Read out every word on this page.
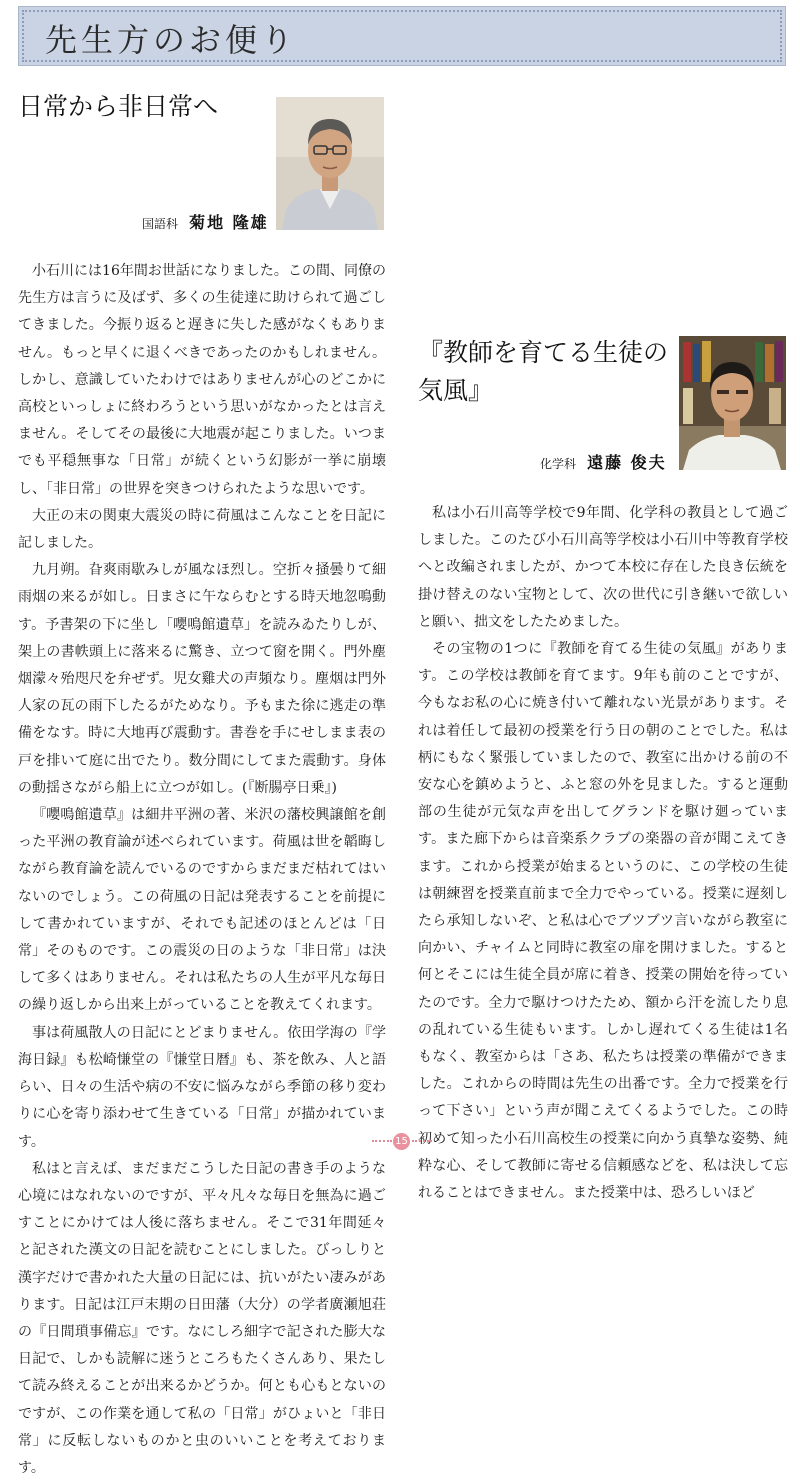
先生方のお便り
日常から非日常へ
国語科 菊地 隆雄

小石川には16年間お世話になりました。この間、同僚の先生方は言うに及ばず、多くの生徒達に助けられて過ごしてきました。今振り返ると遅きに失した感がなくもありません。もっと早くに退くべきであったのかもしれません。しかし、意識していたわけではありませんが心のどこかに高校といっしょに終わろうという思いがなかったとは言えません。そしてその最後に大地震が起こりました。いつまでも平穏無事な「日常」が続くという幻影が一挙に崩壊し、「非日常」の世界を突きつけられたような思いです。

大正の末の関東大震災の時に荷風はこんなことを日記に記しました。

九月朔。旮爽雨歇みしが風なほ烈し。空折々掻曇りて細雨烟の来るが如し。日まさに午ならむとする時天地忽鳴動す。予書架の下に坐し「嚶鳴館遺草」を読みゐたりしが、架上の書帙頭上に落来るに驚き、立つて窗を開く。門外塵烟濛々殆咫尺を弁ぜず。児女雞犬の声頻なり。塵烟は門外人家の瓦の雨下したるがためなり。予もまた徐に逃走の準備をなす。時に大地再び震動す。書巻を手にせしまま表の戸を排いて庭に出でたり。数分間にしてまた震動す。身体の動揺さながら船上に立つが如し。(『断腸亭日乗』)

『嚶鳴館遺草』は細井平洲の著、米沢の藩校興譲館を創った平洲の教育論が述べられています。荷風は世を韜晦しながら教育論を読んでいるのですからまだまだ枯れてはいないのでしょう。この荷風の日記は発表することを前提にして書かれていますが、それでも記述のほとんどは「日常」そのものです。この震災の日のような「非日常」は決して多くはありません。それは私たちの人生が平凡な毎日の繰り返しから出来上がっていることを教えてくれます。

事は荷風散人の日記にとどまりません。依田学海の『学海日録』も松崎慊堂の『慊堂日暦』も、茶を飲み、人と語らい、日々の生活や病の不安に悩みながら季節の移り変わりに心を寄り添わせて生きている「日常」が描かれています。

私はと言えば、まだまだこうした日記の書き手のような心境にはなれないのですが、平々凡々な毎日を無為に過ごすことにかけては人後に落ちません。そこで31年間延々と記された漢文の日記を読むことにしました。びっしりと漢字だけで書かれた大量の日記には、抗いがたい凄みがあります。日記は江戸末期の日田藩（大分）の学者廣瀬旭荘の『日間瑣事備忘』です。なにしろ細字で記された膨大な日記で、しかも読解に迷うところもたくさんあり、果たして読み終えることが出来るかどうか。何とも心もとないのですが、この作業を通して私の「日常」がひょいと「非日常」に反転しないものかと虫のいいことを考えております。

『教師を育てる生徒の
気風』
化学科 遠藤 俊夫

私は小石川高等学校で9年間、化学科の教員として過ごしました。このたび小石川高等学校は小石川中等教育学校へと改編されましたが、かつて本校に存在した良き伝統を掛け替えのない宝物として、次の世代に引き継いで欲しいと願い、拙文をしたためました。

その宝物の1つに『教師を育てる生徒の気風』があります。この学校は教師を育てます。9年も前のことですが、今もなお私の心に焼き付いて離れない光景があります。それは着任して最初の授業を行う日の朝のことでした。私は柄にもなく緊張していましたので、教室に出かける前の不安な心を鎮めようと、ふと窓の外を見ました。すると運動部の生徒が元気な声を出してグランドを駆け廻っています。また廊下からは音楽系クラブの楽器の音が聞こえてきます。これから授業が始まるというのに、この学校の生徒は朝練習を授業直前まで全力でやっている。授業に遅刻したら承知しないぞ、と私は心でブツブツ言いながら教室に向かい、チャイムと同時に教室の扉を開けました。すると何とそこには生徒全員が席に着き、授業の開始を待っていたのです。全力で駆けつけたため、額から汗を流したり息の乱れている生徒もいます。しかし遅れてくる生徒は1名もなく、教室からは「さあ、私たちは授業の準備ができました。これからの時間は先生の出番です。全力で授業を行って下さい」という声が聞こえてくるようでした。この時初めて知った小石川高校生の授業に向かう真摯な姿勢、純粋な心、そして教師に寄せる信頼感などを、私は決して忘れることはできません。また授業中は、恐ろしいほど

15
